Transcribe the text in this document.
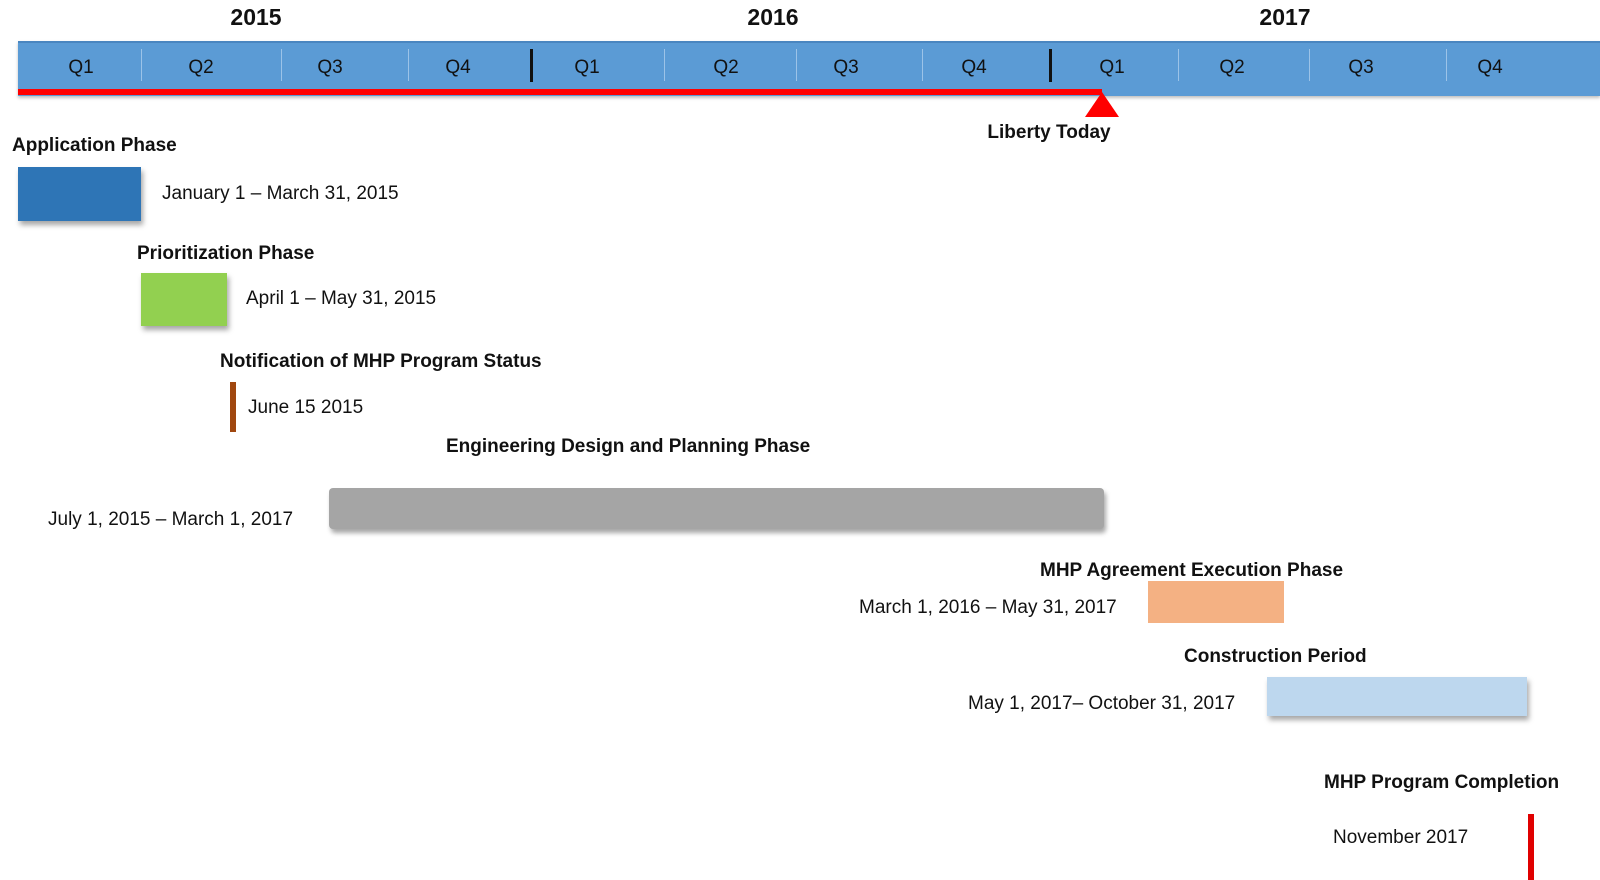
2015	2016	2017
Q1	Q2	Q3	Q4	Q1	Q2	Q3	Q4	Q1	Q2	Q3	Q4
Liberty Today
Application Phase
January 1 – March 31, 2015
Prioritization Phase
April 1 – May 31, 2015
Notification of MHP Program Status
June 15 2015
Engineering Design and Planning Phase
July 1, 2015 – March 1, 2017
MHP Agreement Execution Phase
March 1, 2016 – May 31, 2017
Construction Period
May 1, 2017– October 31, 2017
MHP Program Completion
November 2017
